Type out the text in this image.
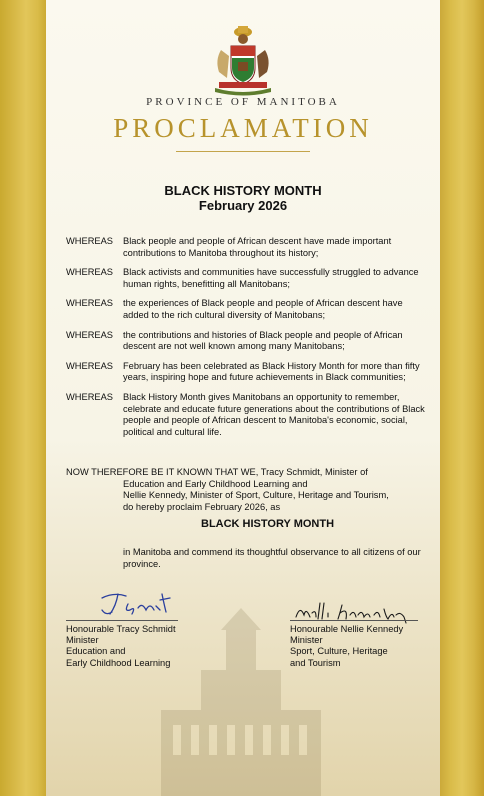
PROVINCE OF MANITOBA
PROCLAMATION
BLACK HISTORY MONTH
February 2026
WHEREAS	Black people and people of African descent have made important contributions to Manitoba throughout its history;
WHEREAS	Black activists and communities have successfully struggled to advance human rights, benefitting all Manitobans;
WHEREAS	the experiences of Black people and people of African descent have added to the rich cultural diversity of Manitobans;
WHEREAS	the contributions and histories of Black people and people of African descent are not well known among many Manitobans;
WHEREAS	February has been celebrated as Black History Month for more than fifty years, inspiring hope and future achievements in Black communities;
WHEREAS	Black History Month gives Manitobans an opportunity to remember, celebrate and educate future generations about the contributions of Black people and people of African descent to Manitoba's economic, social, political and cultural life.
NOW THEREFORE BE IT KNOWN THAT WE, Tracy Schmidt, Minister of
Education and Early Childhood Learning and
Nellie Kennedy, Minister of Sport, Culture, Heritage and Tourism,
do hereby proclaim February 2026, as
BLACK HISTORY MONTH
in Manitoba and commend its thoughtful observance to all citizens of our province.
Honourable Tracy Schmidt
Minister
Education and
Early Childhood Learning
Honourable Nellie Kennedy
Minister
Sport, Culture, Heritage
and Tourism
